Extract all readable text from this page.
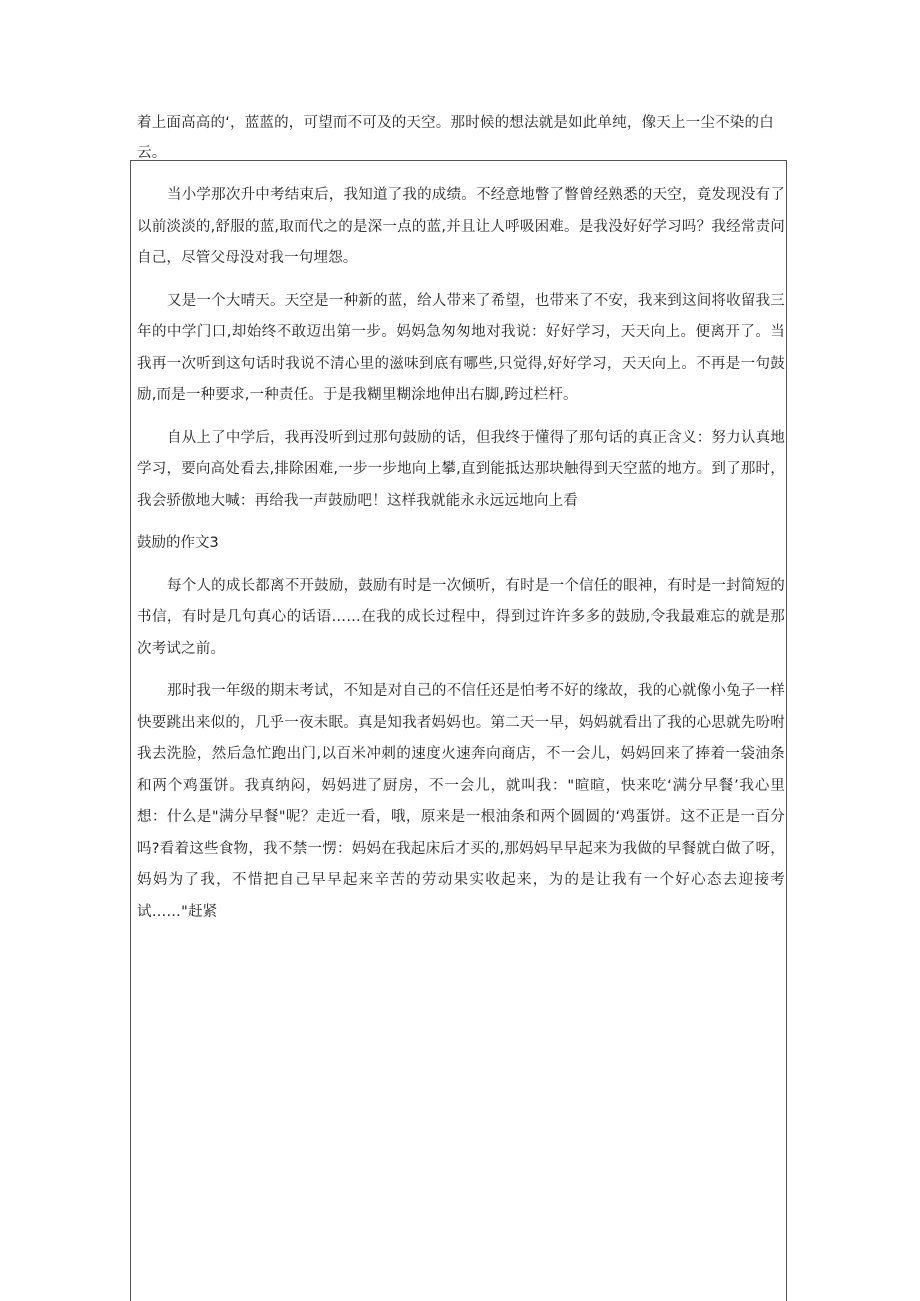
着上面高高的‘，蓝蓝的，可望而不可及的天空。那时候的想法就是如此单纯，像天上一尘不染的白云。

当小学那次升中考结束后，我知道了我的成绩。不经意地瞥了瞥曾经熟悉的天空，竟发现没有了以前淡淡的,舒服的蓝,取而代之的是深一点的蓝,并且让人呼吸困难。是我没好好学习吗？我经常责问自己，尽管父母没对我一句埋怨。

又是一个大晴天。天空是一种新的蓝，给人带来了希望，也带来了不安，我来到这间将收留我三年的中学门口,却始终不敢迈出第一步。妈妈急匆匆地对我说：好好学习，天天向上。便离开了。当我再一次听到这句话时我说不清心里的滋味到底有哪些,只觉得,好好学习，天天向上。不再是一句鼓励,而是一种要求,一种责任。于是我糊里糊涂地伸出右脚,跨过栏杆。

自从上了中学后，我再没听到过那句鼓励的话，但我终于懂得了那句话的真正含义：努力认真地学习，要向高处看去,排除困难,一步一步地向上攀,直到能抵达那块触得到天空蓝的地方。到了那时，我会骄傲地大喊：再给我一声鼓励吧！这样我就能永永远远地向上看

鼓励的作文3

每个人的成长都离不开鼓励，鼓励有时是一次倾听，有时是一个信任的眼神，有时是一封简短的书信，有时是几句真心的话语……在我的成长过程中，得到过许许多多的鼓励,令我最难忘的就是那次考试之前。

那时我一年级的期末考试，不知是对自己的不信任还是怕考不好的缘故，我的心就像小兔子一样快要跳出来似的，几乎一夜未眠。真是知我者妈妈也。第二天一早，妈妈就看出了我的心思就先吩咐我去洗脸，然后急忙跑出门,以百米冲刺的速度火速奔向商店，不一会儿，妈妈回来了捧着一袋油条和两个鸡蛋饼。我真纳闷，妈妈进了厨房，不一会儿，就叫我："暄暄，快来吃‘满分早餐’我心里想：什么是"满分早餐"呢？走近一看，哦，原来是一根油条和两个圆圆的‘鸡蛋饼。这不正是一百分吗?看着这些食物，我不禁一愣：妈妈在我起床后才买的,那妈妈早早起来为我做的早餐就白做了呀，妈妈为了我，不惜把自己早早起来辛苦的劳动果实收起来，为的是让我有一个好心态去迎接考试……"赶紧
